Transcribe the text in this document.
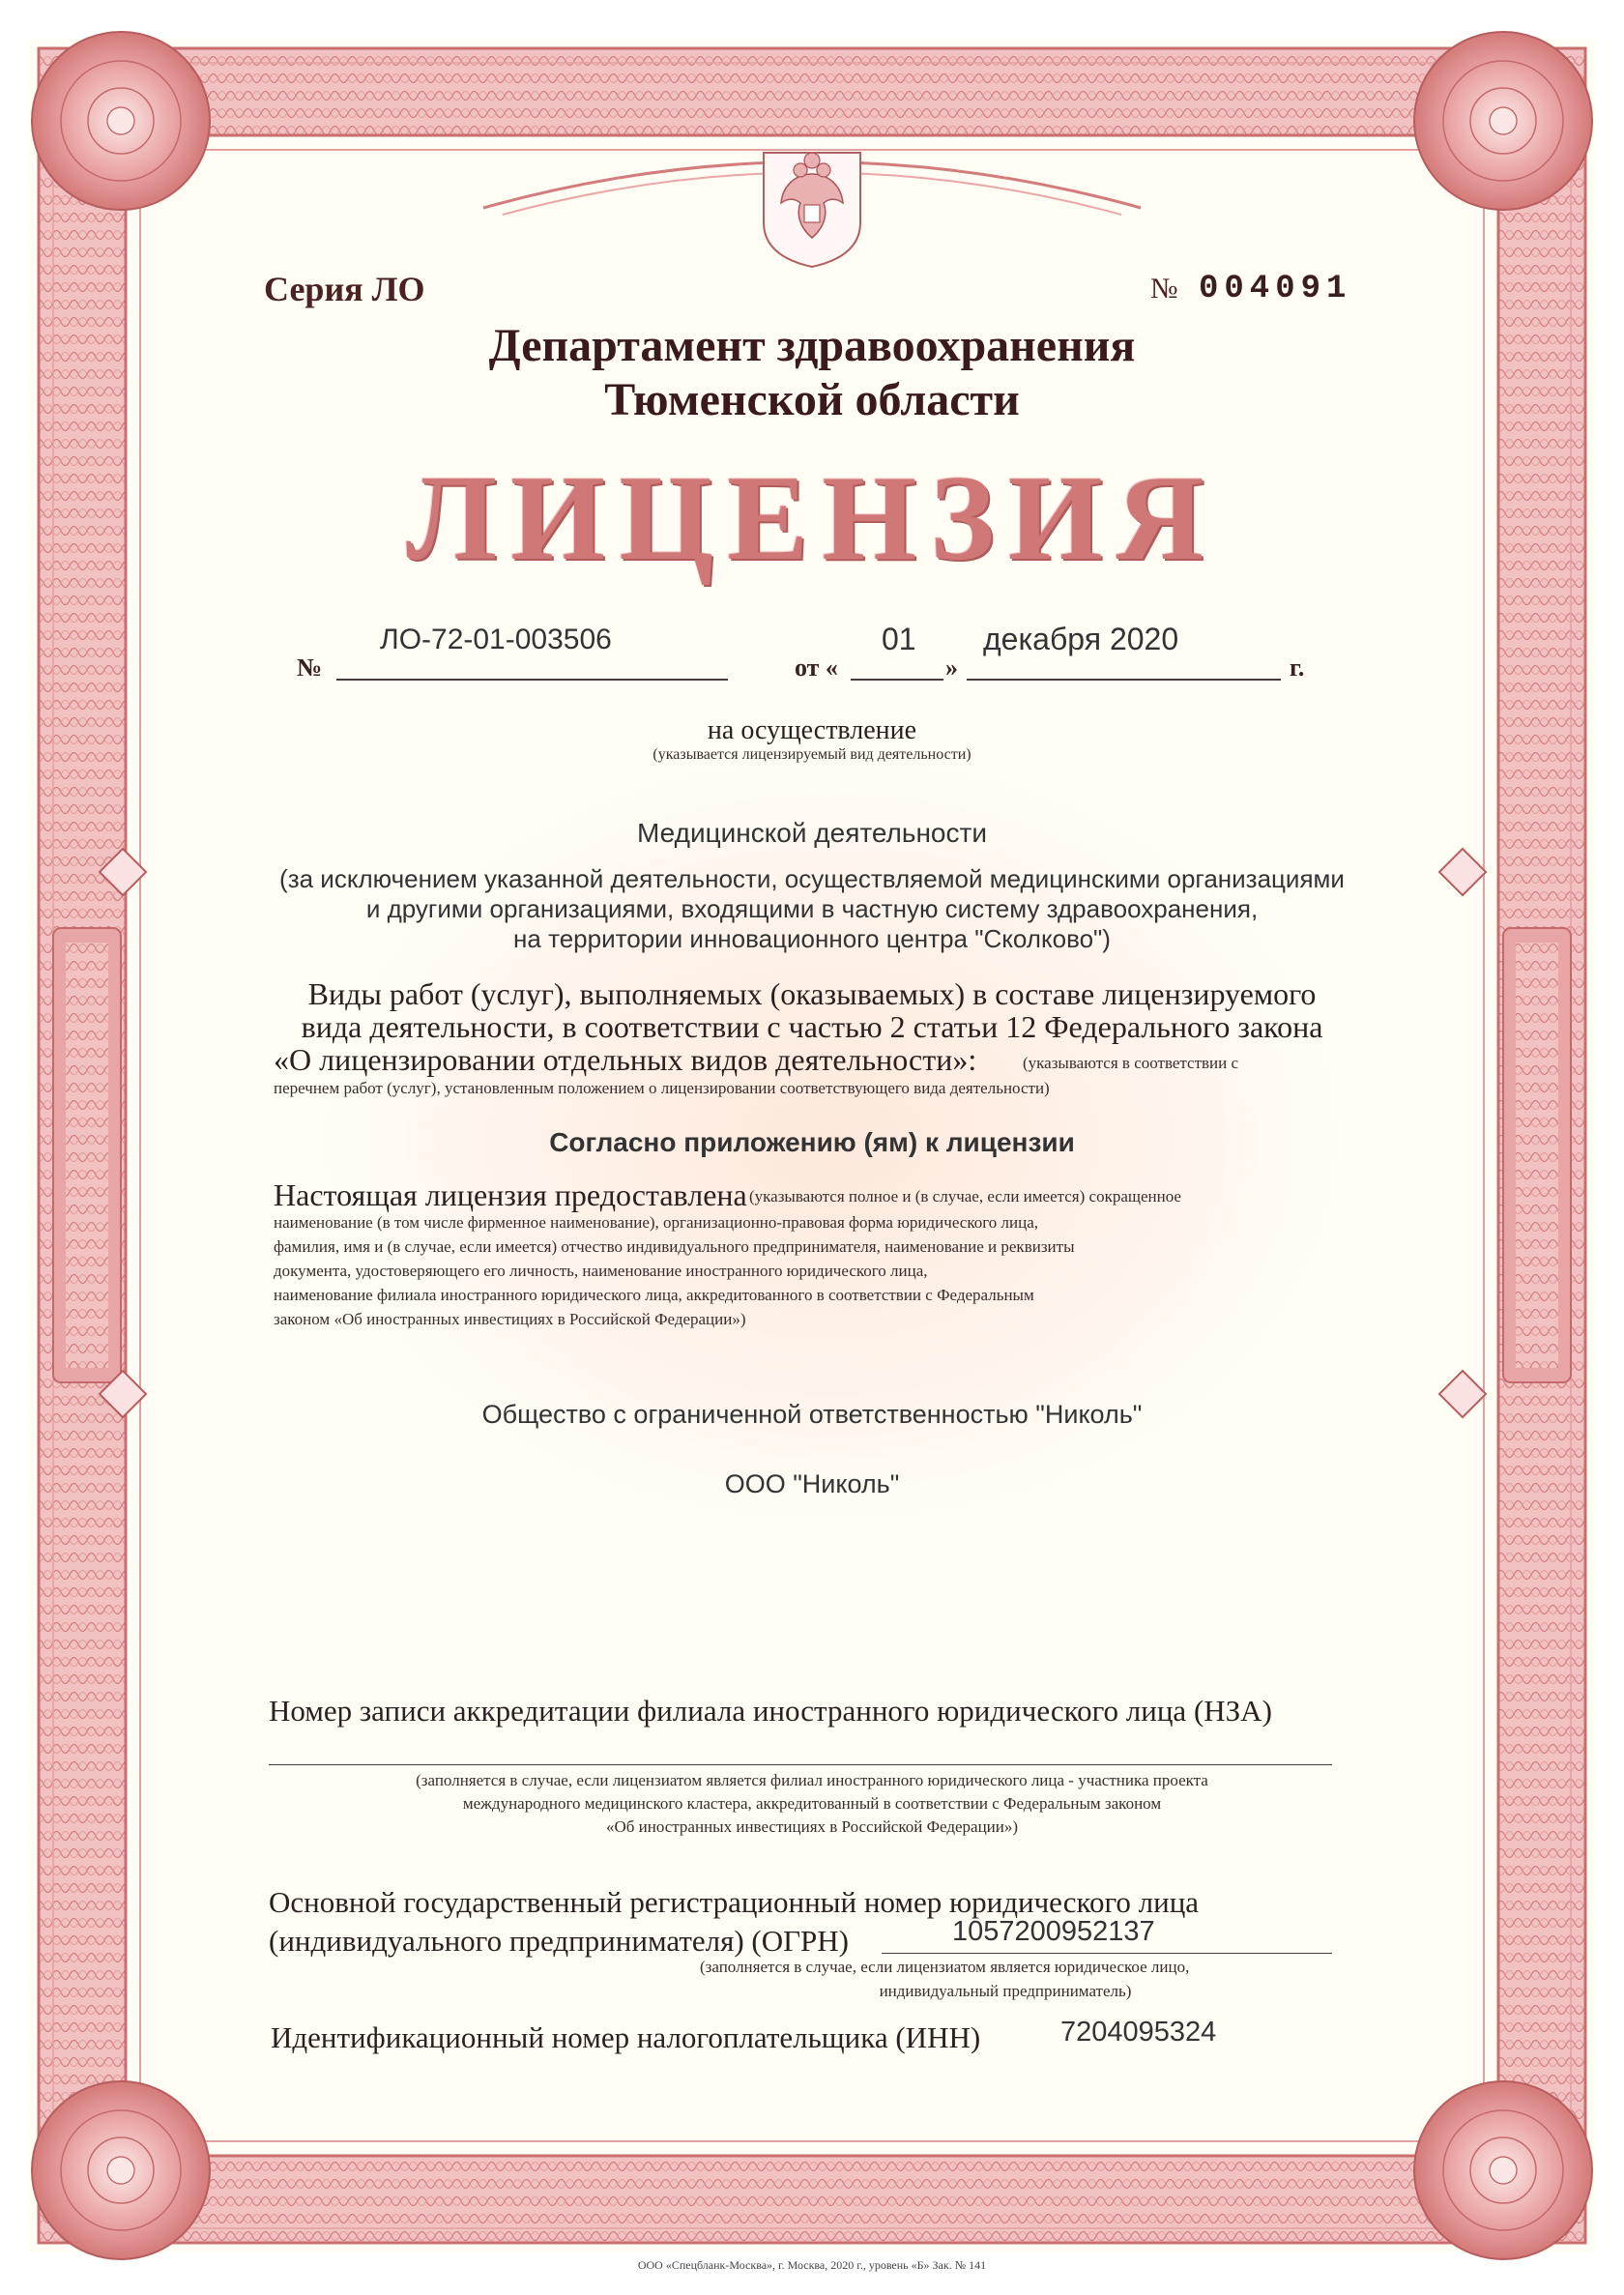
Серия ЛО	№ 004091
Департамент здравоохранения
Тюменской области
ЛИЦЕНЗИЯ
№
ЛО-72-01-003506
от «
01
»
декабря 2020
г.
на осуществление
(указывается лицензируемый вид деятельности)
Медицинской деятельности
(за исключением указанной деятельности, осуществляемой медицинскими организациями
и другими организациями, входящими в частную систему здравоохранения,
на территории инновационного центра "Сколково")
Виды работ (услуг), выполняемых (оказываемых) в составе лицензируемого
вида деятельности, в соответствии с частью 2 статьи 12 Федерального закона
«О лицензировании отдельных видов деятельности»:	(указываются в соответствии с
перечнем работ (услуг), установленным положением о лицензировании соответствующего вида деятельности)
Согласно приложению (ям) к лицензии
Настоящая лицензия предоставлена (указываются полное и (в случае, если имеется) сокращенное
наименование (в том числе фирменное наименование), организационно-правовая форма юридического лица,
фамилия, имя и (в случае, если имеется) отчество индивидуального предпринимателя, наименование и реквизиты
документа, удостоверяющего его личность, наименование иностранного юридического лица,
наименование филиала иностранного юридического лица, аккредитованного в соответствии с Федеральным
законом «Об иностранных инвестициях в Российской Федерации»)
Общество с ограниченной ответственностью "Николь"
ООО "Николь"
Номер записи аккредитации филиала иностранного юридического лица (НЗА)
(заполняется в случае, если лицензиатом является филиал иностранного юридического лица - участника проекта
международного медицинского кластера, аккредитованный в соответствии с Федеральным законом
«Об иностранных инвестициях в Российской Федерации»)
Основной государственный регистрационный номер юридического лица
(индивидуального предпринимателя) (ОГРН)	1057200952137
(заполняется в случае, если лицензиатом является юридическое лицо,
индивидуальный предприниматель)
Идентификационный номер налогоплательщика (ИНН)	7204095324
ООО «Спецбланк-Москва», г. Москва, 2020 г., уровень «Б» Зак. № 141
